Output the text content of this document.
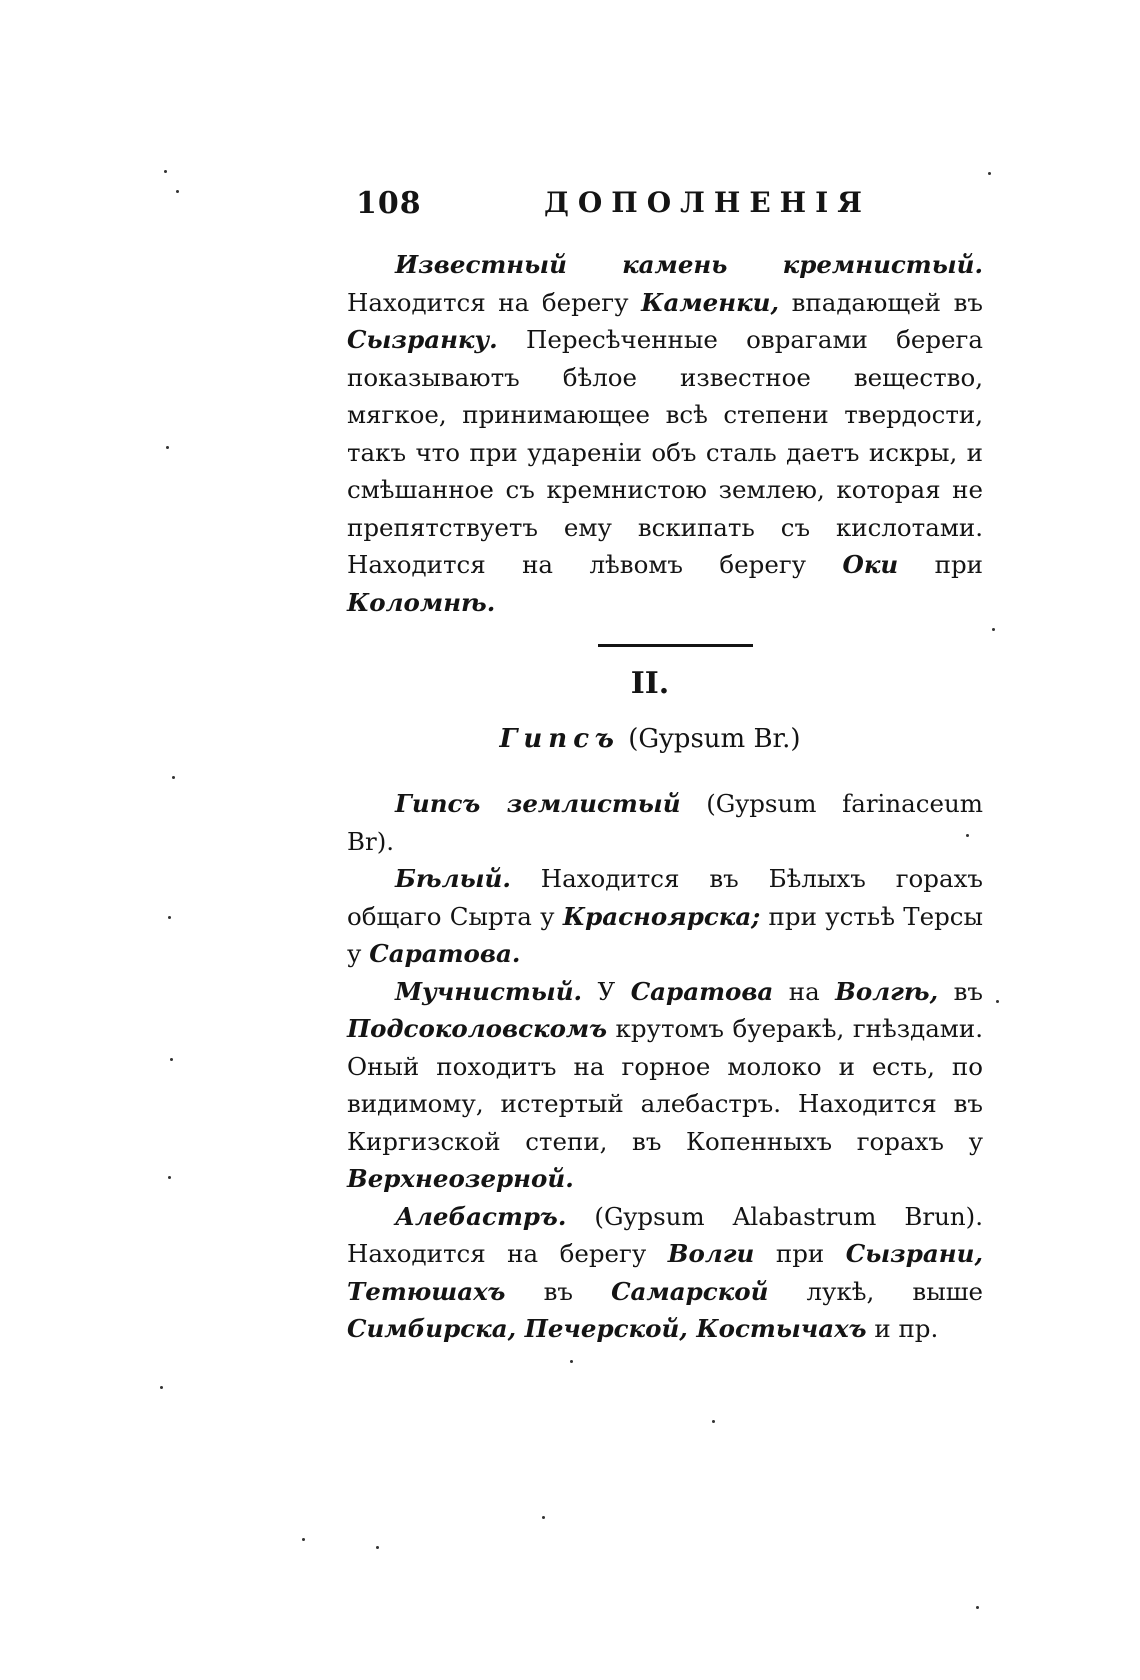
108	ДОПОЛНЕНІЯ

Известный камень кремнистый. Находится на берегу Каменки, впадающей въ Сызранку. Пересѣченные оврагами берега показываютъ бѣлое известное вещество, мягкое, принимающее всѣ степени твердости, такъ что при удареніи объ сталь даетъ искры, и смѣшанное съ кремнистою землею, которая не препятствуетъ ему вскипать съ кислотами. Находится на лѣвомъ берегу Оки при Коломнѣ.

II.
Гипсъ (Gypsum Br.)

Гипсъ землистый (Gypsum farinaceum Br).

Бѣлый. Находится въ Бѣлыхъ горахъ общаго Сырта у Красноярска; при устьѣ Терсы у Саратова.

Мучнистый. У Саратова на Волгѣ, въ Подсоколовскомъ крутомъ буеракѣ, гнѣздами. Оный походитъ на горное молоко и есть, по видимому, истертый алебастръ. Находится въ Киргизской степи, въ Копенныхъ горахъ у Верхнеозерной.

Алебастръ. (Gypsum Alabastrum Brun). Находится на берегу Волги при Сызрани, Тетюшахъ въ Самарской лукѣ, выше Симбирска, Печерской, Костычахъ и пр.
